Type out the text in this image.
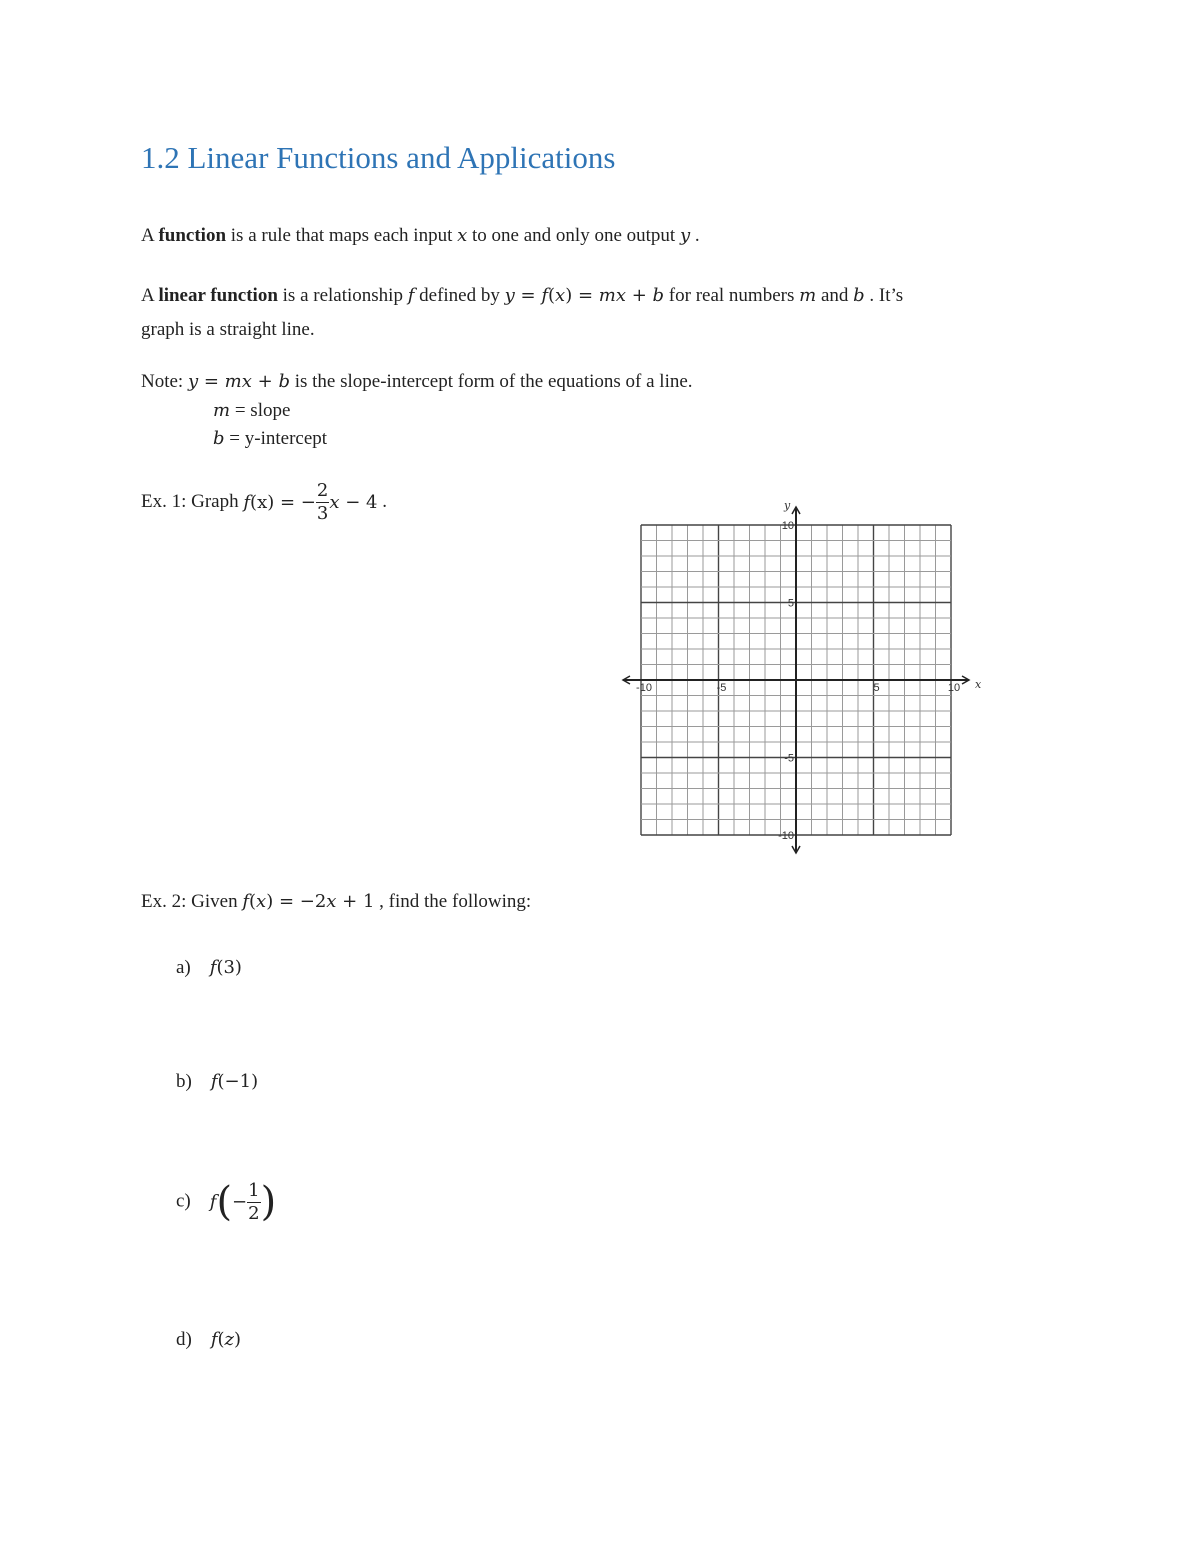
1.2 Linear Functions and Applications
A function is a rule that maps each input x to one and only one output y .
A linear function is a relationship f defined by y = f(x) = mx + b for real numbers m and b . It’s
graph is a straight line.
Note: y = mx + b is the slope-intercept form of the equations of a line.
m = slope
b = y-intercept
Ex. 1: Graph f(x) = − $\frac{2}{3}$ x − 4 .
-10	-5	5	10
10
5
-5
-10
x
y
Ex. 2: Given f(x) = −2x + 1 , find the following:
a) f(3)
b) f(−1)
c) $f(- \frac{1}{2}$ )
d) f(z)
